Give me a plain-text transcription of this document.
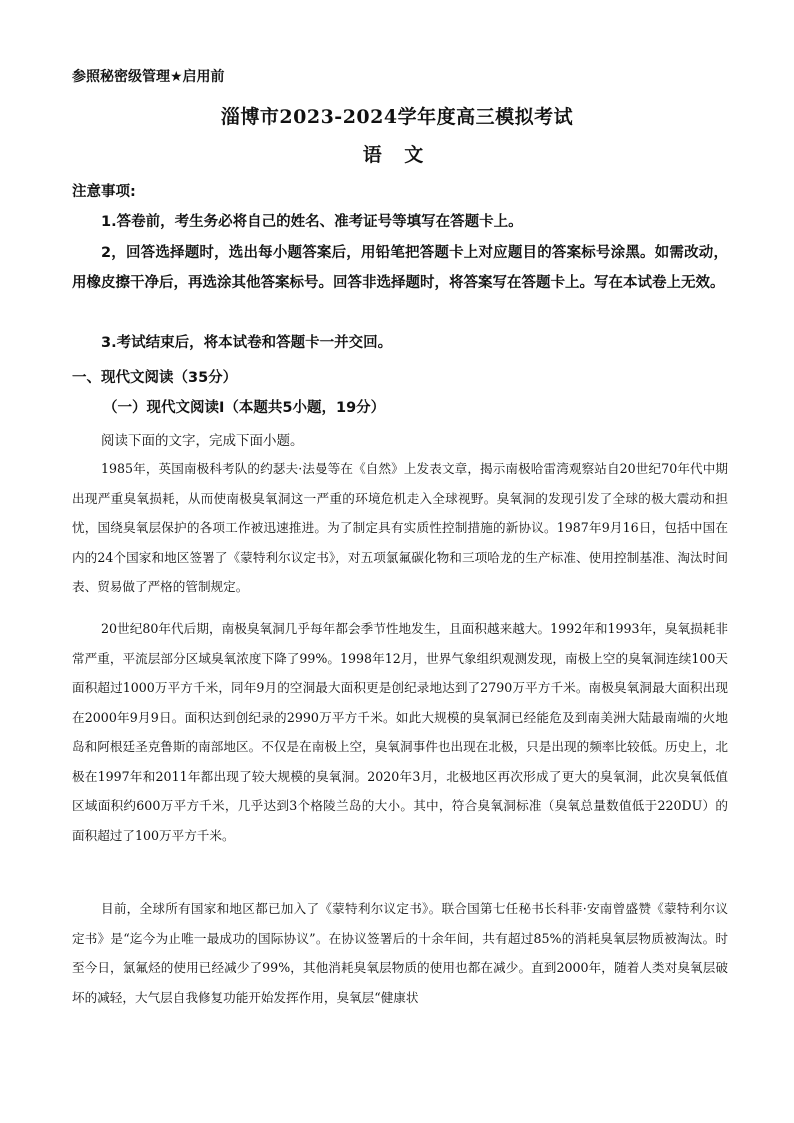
参照秘密级管理★启用前
淄博市2023-2024学年度高三模拟考试
语 文
注意事项:
1.答卷前，考生务必将自己的姓名、准考证号等填写在答题卡上。
2，回答选择题时，选出每小题答案后，用铅笔把答题卡上对应题目的答案标号涂黑。如需改动，用橡皮擦干净后，再选涂其他答案标号。回答非选择题时，将答案写在答题卡上。写在本试卷上无效。
3.考试结束后，将本试卷和答题卡一并交回。
一、现代文阅读（35分）
（一）现代文阅读Ⅰ（本题共5小题，19分）
阅读下面的文字，完成下面小题。
1985年，英国南极科考队的约瑟夫·法曼等在《自然》上发表文章，揭示南极哈雷湾观察站自20世纪70年代中期出现严重臭氧损耗，从而使南极臭氧洞这一严重的环境危机走入全球视野。臭氧洞的发现引发了全球的极大震动和担忧，国绕臭氧层保护的各项工作被迅速推进。为了制定具有实质性控制措施的新协议。1987年9月16日，包括中国在内的24个国家和地区签署了《蒙特利尔议定书》，对五项氯氟碳化物和三项哈龙的生产标准、使用控制基准、淘汰时间表、贸易做了严格的管制规定。
20世纪80年代后期，南极臭氧洞几乎每年都会季节性地发生，且面积越来越大。1992年和1993年，臭氧损耗非常严重，平流层部分区域臭氧浓度下降了99%。1998年12月，世界气象组织观测发现，南极上空的臭氧洞连续100天面积超过1000万平方千米，同年9月的空洞最大面积更是创纪录地达到了2790万平方千米。南极臭氧洞最大面积出现在2000年9月9日。面积达到创纪录的2990万平方千米。如此大规模的臭氧洞已经能危及到南美洲大陆最南端的火地岛和阿根廷圣克鲁斯的南部地区。不仅是在南极上空，臭氧洞事件也出现在北极，只是出现的频率比较低。历史上，北极在1997年和2011年都出现了较大规模的臭氧洞。2020年3月，北极地区再次形成了更大的臭氧洞，此次臭氧低值区域面积约600万平方千米，几乎达到3个格陵兰岛的大小。其中，符合臭氧洞标准（臭氧总量数值低于220DU）的面积超过了100万平方千米。
目前，全球所有国家和地区都已加入了《蒙特利尔议定书》。联合国第七任秘书长科菲·安南曾盛赞《蒙特利尔议定书》是“迄今为止唯一最成功的国际协议”。在协议签署后的十余年间，共有超过85%的消耗臭氧层物质被淘汰。时至今日，氯氟烃的使用已经减少了99%，其他消耗臭氧层物质的使用也都在减少。直到2000年，随着人类对臭氧层破坏的减轻，大气层自我修复功能开始发挥作用，臭氧层“健康状
